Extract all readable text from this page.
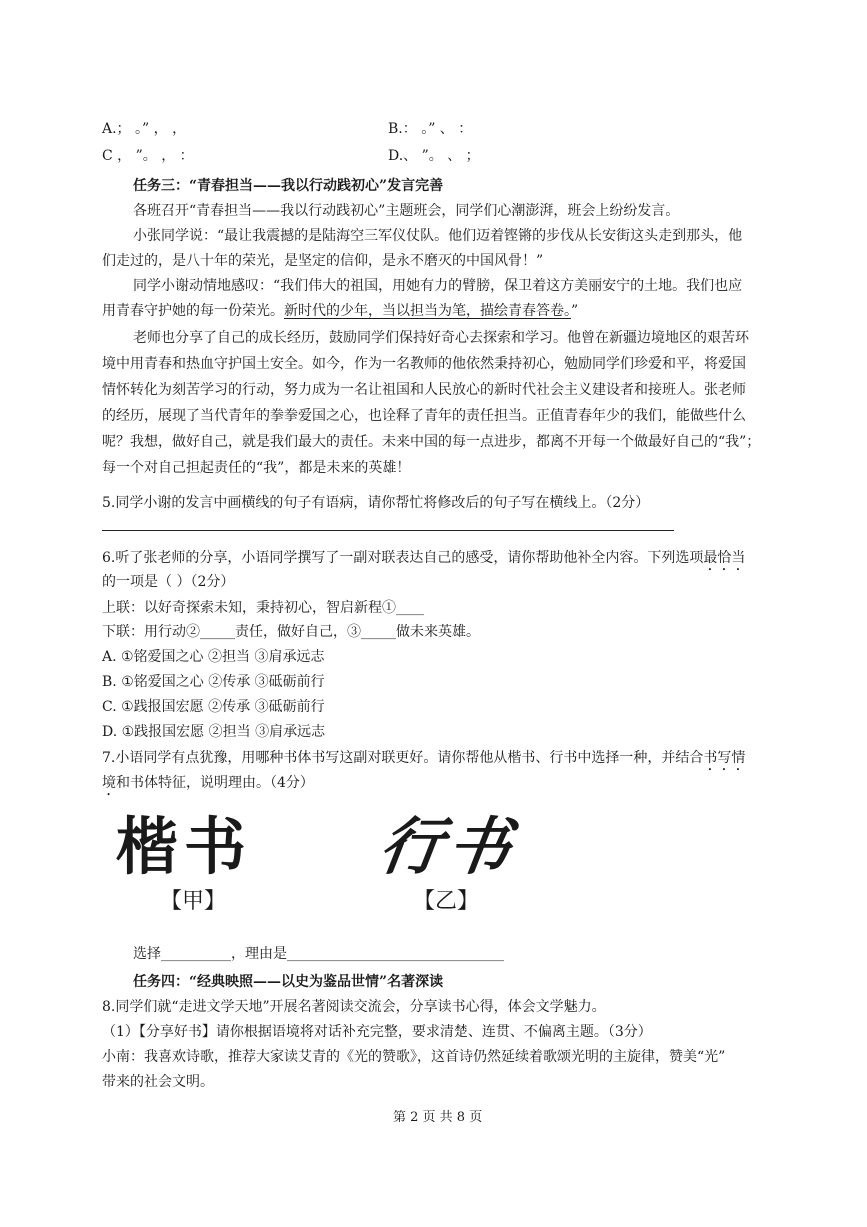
A.； 。” ， ，	B.： 。” 、 ：
C ， ”。 ， ：	D.、 ”。 、 ；
任务三：“青春担当——我以行动践初心”发言完善
各班召开“青春担当——我以行动践初心”主题班会，同学们心潮澎湃，班会上纷纷发言。
小张同学说：“最让我震撼的是陆海空三军仪仗队。他们迈着铿锵的步伐从长安街这头走到那头，他
们走过的，是八十年的荣光，是坚定的信仰，是永不磨灭的中国风骨！”
同学小谢动情地感叹：“我们伟大的祖国，用她有力的臂膀，保卫着这方美丽安宁的土地。我们也应
用青春守护她的每一份荣光。新时代的少年，当以担当为笔，描绘青春答卷。”
老师也分享了自己的成长经历，鼓励同学们保持好奇心去探索和学习。他曾在新疆边境地区的艰苦环
境中用青春和热血守护国土安全。如今，作为一名教师的他依然秉持初心，勉励同学们珍爱和平，将爱国
情怀转化为刻苦学习的行动，努力成为一名让祖国和人民放心的新时代社会主义建设者和接班人。张老师
的经历，展现了当代青年的拳拳爱国之心，也诠释了青年的责任担当。正值青春年少的我们，能做些什么
呢？我想，做好自己，就是我们最大的责任。未来中国的每一点进步，都离不开每一个做最好自己的“我”；
每一个对自己担起责任的“我”，都是未来的英雄！
5.同学小谢的发言中画横线的句子有语病，请你帮忙将修改后的句子写在横线上。（2分）
6.听了张老师的分享，小语同学撰写了一副对联表达自己的感受，请你帮助他补全内容。下列选项最恰当
的一项是（ ）（2分）
上联：以好奇探索未知，秉持初心，智启新程①____
下联：用行动②_____责任，做好自己，③_____做未来英雄。
A. ①铭爱国之心 ②担当 ③肩承远志
B. ①铭爱国之心 ②传承 ③砥砺前行
C. ①践报国宏愿 ②传承 ③砥砺前行
D. ①践报国宏愿 ②担当 ③肩承远志
7.小语同学有点犹豫，用哪种书体书写这副对联更好。请你帮他从楷书、行书中选择一种，并结合书写情
境和书体特征，说明理由。（4分）
楷书 行书
【甲】	【乙】
选择__________，理由是_______________________________
任务四：“经典映照——以史为鉴品世情”名著深读
8.同学们就“走进文学天地”开展名著阅读交流会，分享读书心得，体会文学魅力。
（1）【分享好书】请你根据语境将对话补充完整，要求清楚、连贯、不偏离主题。（3分）
小南：我喜欢诗歌，推荐大家读艾青的《光的赞歌》，这首诗仍然延续着歌颂光明的主旋律，赞美“光”
带来的社会文明。
第 2 页 共 8 页
